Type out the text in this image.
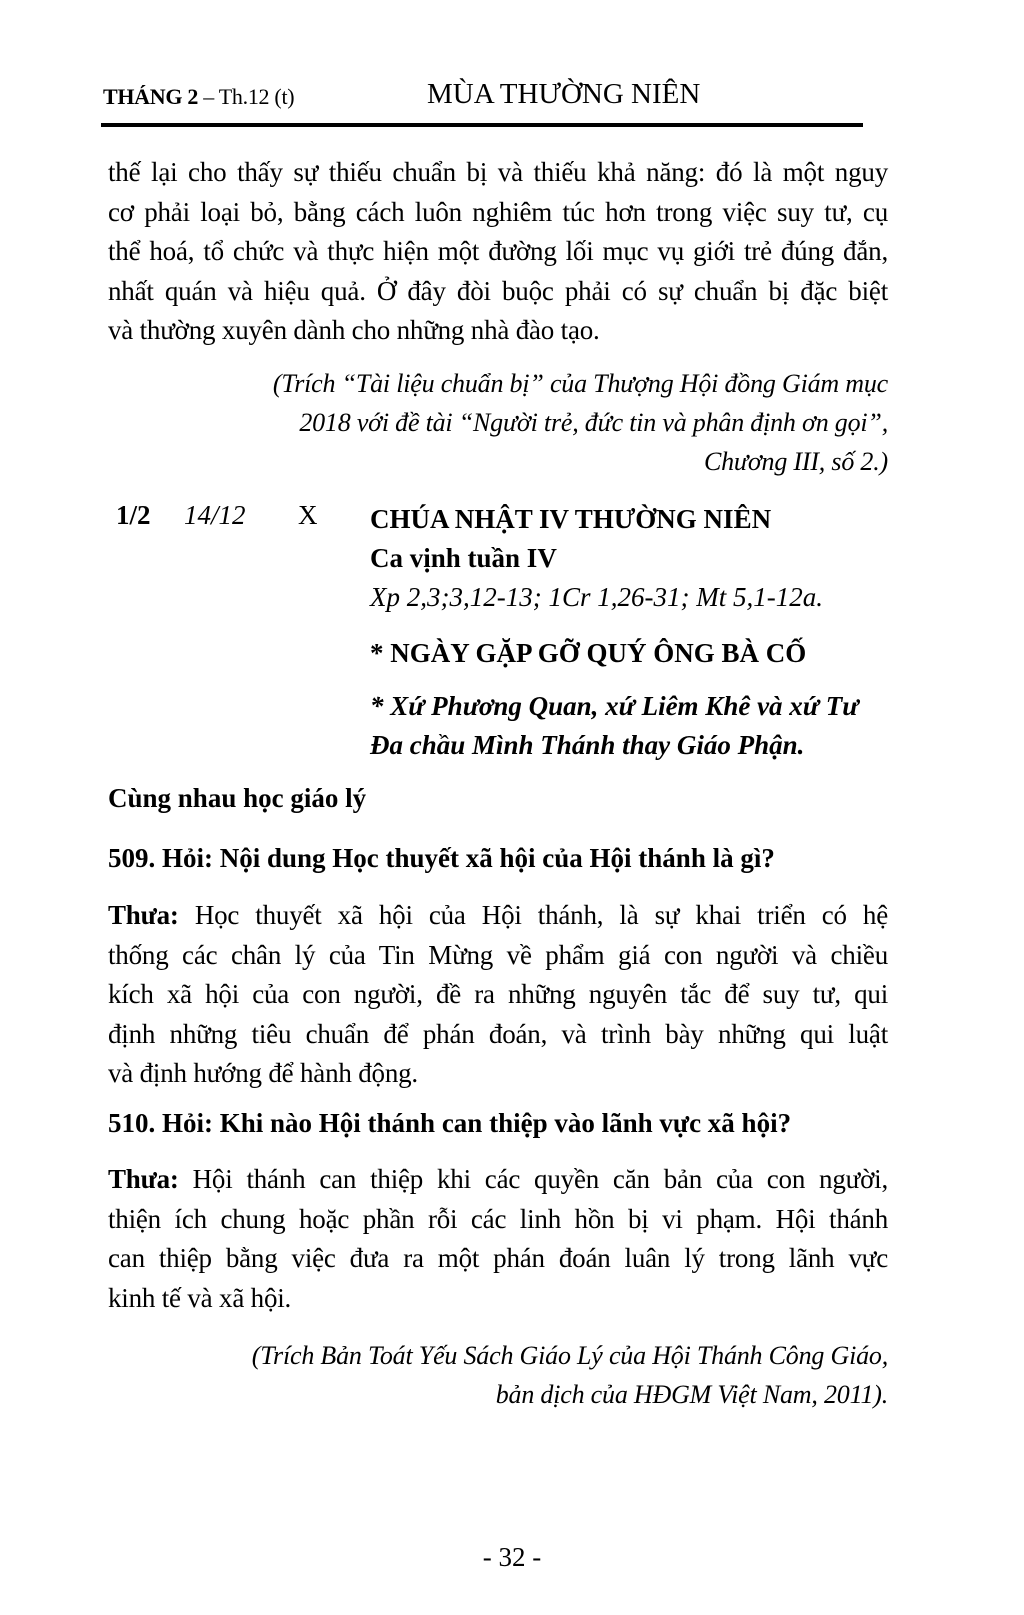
THÁNG 2 – Th.12 (t)	MÙA THƯỜNG NIÊN
thế lại cho thấy sự thiếu chuẩn bị và thiếu khả năng: đó là một nguy
cơ phải loại bỏ, bằng cách luôn nghiêm túc hơn trong việc suy tư, cụ
thể hoá, tổ chức và thực hiện một đường lối mục vụ giới trẻ đúng đắn,
nhất quán và hiệu quả. Ở đây đòi buộc phải có sự chuẩn bị đặc biệt
và thường xuyên dành cho những nhà đào tạo.
(Trích “Tài liệu chuẩn bị” của Thượng Hội đồng Giám mục
2018 với đề tài “Người trẻ, đức tin và phân định ơn gọi”,
Chương III, số 2.)
1/2 14/12 X CHÚA NHẬT IV THƯỜNG NIÊN
Ca vịnh tuần IV
Xp 2,3;3,12-13; 1Cr 1,26-31; Mt 5,1-12a.
* NGÀY GẶP GỠ QUÝ ÔNG BÀ CỐ
* Xứ Phương Quan, xứ Liêm Khê và xứ Tư
Đa chầu Mình Thánh thay Giáo Phận.
Cùng nhau học giáo lý
509. Hỏi: Nội dung Học thuyết xã hội của Hội thánh là gì?
Thưa: Học thuyết xã hội của Hội thánh, là sự khai triển có hệ
thống các chân lý của Tin Mừng về phẩm giá con người và chiều
kích xã hội của con người, đề ra những nguyên tắc để suy tư, qui
định những tiêu chuẩn để phán đoán, và trình bày những qui luật
và định hướng để hành động.
510. Hỏi: Khi nào Hội thánh can thiệp vào lãnh vực xã hội?
Thưa: Hội thánh can thiệp khi các quyền căn bản của con người,
thiện ích chung hoặc phần rỗi các linh hồn bị vi phạm. Hội thánh
can thiệp bằng việc đưa ra một phán đoán luân lý trong lãnh vực
kinh tế và xã hội.
(Trích Bản Toát Yếu Sách Giáo Lý của Hội Thánh Công Giáo,
bản dịch của HĐGM Việt Nam, 2011).
- 32 -
